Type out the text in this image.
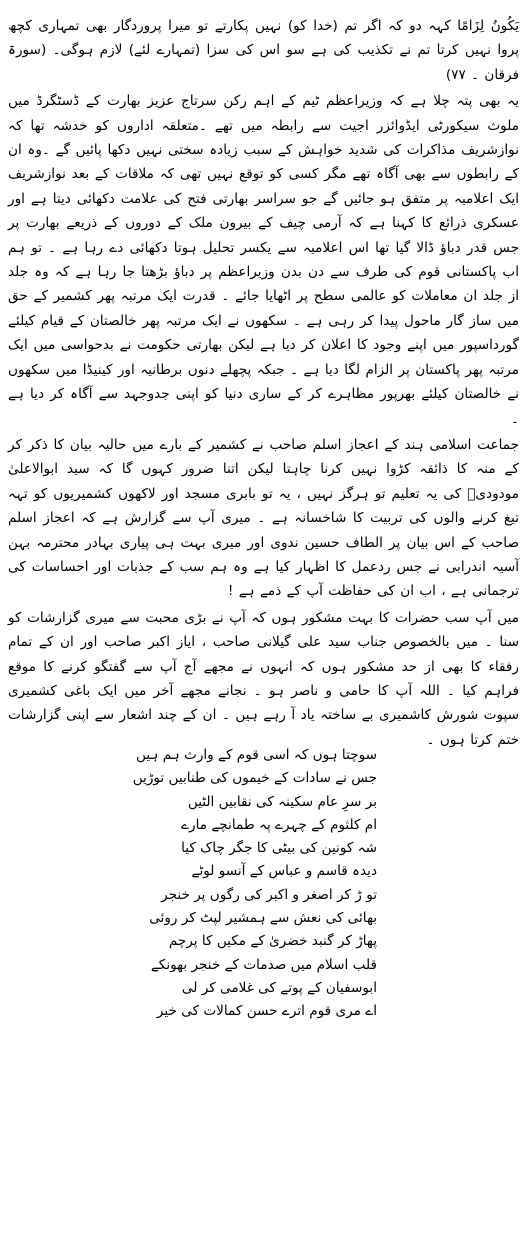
يَكُونُ لِزَامًا کہہ دو کہ اگر تم (خدا کو) نہیں پکارتے تو میرا پروردگار بھی تمہاری کچھ پروا نہیں کرتا تم نے تکذیب کی ہے سو اس کی سزا (تمہارے لئے) لازم ہوگی۔ (سورۃ فرقان ۔ ۷۷)

یہ بھی پتہ چلا ہے کہ وزیراعظم ٹیم کے اہم رکن سرتاج عزیز بھارت کے ڈسٹگرڈ میں ملوث سیکورٹی ایڈوائزر اجیت سے رابطہ میں تھے ۔متعلقہ اداروں کو خدشہ تھا کہ نوازشریف مذاکرات کی شدید خواہش کے سبب زیادہ سختی نہیں دکھا پائیں گے ۔وہ ان کے رابطوں سے بھی آگاہ تھے مگر کسی کو توقع نہیں تھی کہ ملاقات کے بعد نوازشریف ایک اعلامیہ پر متفق ہو جائیں گے جو سراسر بھارتی فتح کی علامت دکھائی دیتا ہے اور عسکری ذرائع کا کہنا ہے کہ آرمی چیف کے بیرون ملک کے دوروں کے ذریعے بھارت پر جس قدر دباؤ ڈالا گیا تھا اس اعلامیہ سے یکسر تحلیل ہوتا دکھائی دے رہا ہے ۔ تو ہم اب پاکستانی قوم کی طرف سے دن بدن وزیراعظم پر دباؤ بڑھتا جا رہا ہے کہ وہ جلد از جلد ان معاملات کو عالمی سطح پر اٹھایا جائے ۔ قدرت ایک مرتبہ پھر کشمیر کے حق میں ساز گار ماحول پیدا کر رہی ہے ۔ سکھوں نے ایک مرتبہ پھر خالصتان کے قیام کیلئے گورداسپور میں اپنے وجود کا اعلان کر دیا ہے لیکن بھارتی حکومت نے بدحواسی میں ایک مرتبہ پھر پاکستان پر الزام لگا دیا ہے ۔ جبکہ پچھلے دنوں برطانیہ اور کینیڈا میں سکھوں نے خالصتان کیلئے بھرپور مظاہرے کر کے ساری دنیا کو اپنی جدوجہد سے آگاہ کر دیا ہے ۔

جماعت اسلامی ہند کے اعجاز اسلم صاحب نے کشمیر کے بارے میں حالیہ بیان کا ذکر کر کے منہ کا ذائقہ کڑوا نہیں کرنا چاہتا لیکن اتنا ضرور کہوں گا کہ سید ابوالاعلیٰ مودودیؒ کی یہ تعلیم تو ہرگز نہیں ، یہ تو بابری مسجد اور لاکھوں کشمیریوں کو تہہ تیغ کرنے والوں کی تربیت کا شاخسانہ ہے ۔ میری آپ سے گزارش ہے کہ اعجاز اسلم صاحب کے اس بیان پر الطاف حسین ندوی اور میری بہت ہی پیاری بہادر محترمہ بہن آسیہ اندرابی نے جس ردعمل کا اظہار کیا ہے وہ ہم سب کے جذبات اور احساسات کی ترجمانی ہے ، اب ان کی حفاظت آپ کے ذمے ہے !

میں آپ سب حضرات کا بہت مشکور ہوں کہ آپ نے بڑی محبت سے میری گزارشات کو سنا ۔ میں بالخصوص جناب سید علی گیلانی صاحب ، ایاز اکبر صاحب اور ان کے تمام رفقاء کا بھی از حد مشکور ہوں کہ انہوں نے مجھے آج آپ سے گفتگو کرنے کا موقع فراہم کیا ۔ اللہ آپ کا حامی و ناصر ہو ۔ نجانے مجھے آخر میں ایک باغی کشمیری سپوت شورش کاشمیری بے ساختہ یاد آ رہے ہیں ۔ ان کے چند اشعار سے اپنی گزارشات ختم کرتا ہوں ۔

سوچتا ہوں کہ اسی قوم کے وارث ہم ہیں
جس نے سادات کے خیموں کی طنابیں توڑیں
بر سرِ عام سکینہ کی نقابیں الٹیں
ام کلثوم کے چہرے پہ طمانچے مارے
شہ کونین کی بیٹی کا جگر چاک کیا
دیدہ قاسم و عباس کے آنسو لوٹے
تو ڑ کر اصغر و اکبر کی رگوں پر خنجر
بھائی کی نعش سے ہمشیر لپٹ کر روئی
پھاڑ کر گنبد خضریٰ کے مکیں کا پرچم
قلب اسلام میں صدمات کے خنجر بھونکے
ابوسفیان کے پوتے کی غلامی کر لی
اے مری قوم اترے حسن کمالات کی خیر
